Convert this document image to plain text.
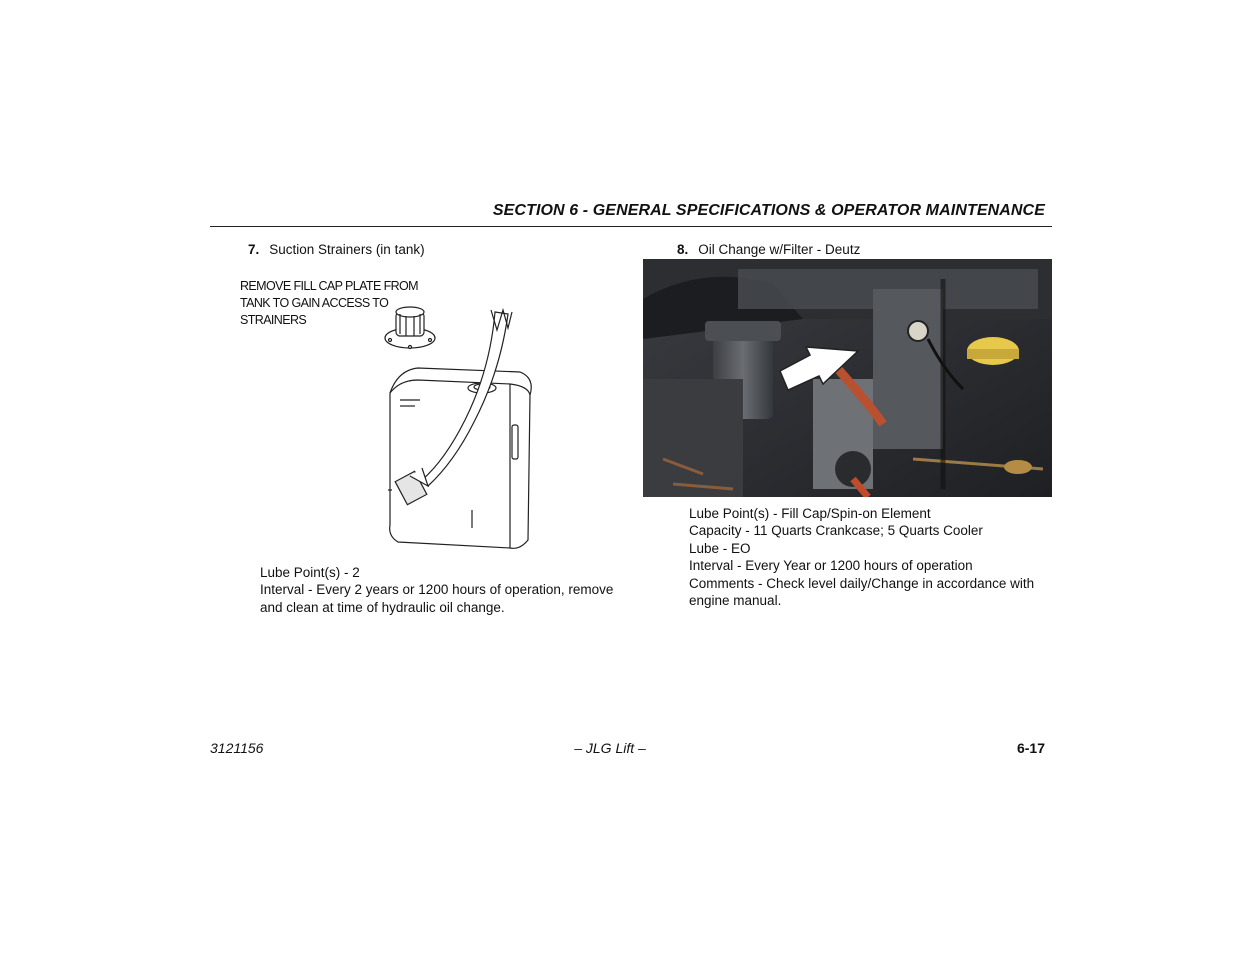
SECTION 6 - GENERAL SPECIFICATIONS & OPERATOR MAINTENANCE
7. Suction Strainers (in tank)
REMOVE FILL CAP PLATE FROM
TANK TO GAIN ACCESS TO
STRAINERS
Lube Point(s) - 2
Interval - Every 2 years or 1200 hours of operation, remove
and clean at time of hydraulic oil change.
8. Oil Change w/Filter - Deutz
Lube Point(s) - Fill Cap/Spin-on Element
Capacity - 11 Quarts Crankcase; 5 Quarts Cooler
Lube - EO
Interval - Every Year or 1200 hours of operation
Comments - Check level daily/Change in accordance with
engine manual.
3121156	– JLG Lift –	6-17
